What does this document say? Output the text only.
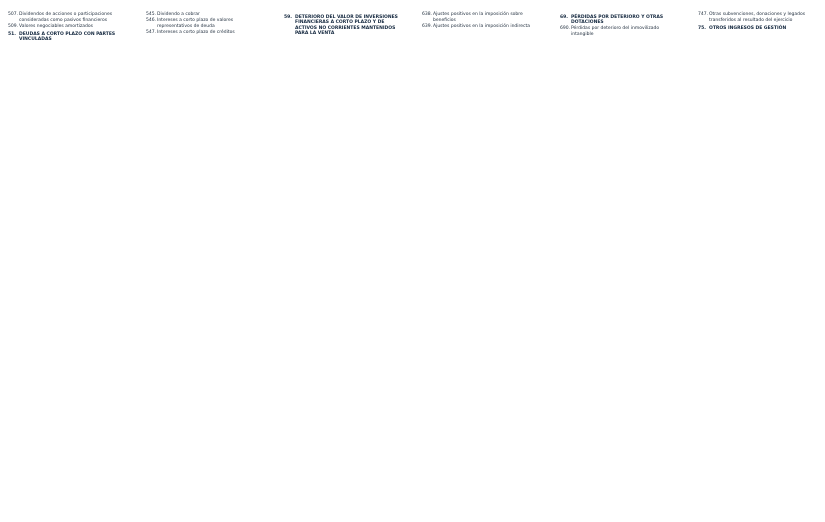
507. Dividendos de acciones o participaciones consideradas como pasivos financieros
509. Valores negociables amortizados
51. DEUDAS A CORTO PLAZO CON PARTES VINCULADAS
545. Dividendo a cobrar
546. Intereses a corto plazo de valores representativos de deuda
547. Intereses a corto plazo de créditos
59. DETERIORO DEL VALOR DE INVERSIONES FINANCIERAS A CORTO PLAZO Y DE ACTIVOS NO CORRIENTES MANTENIDOS PARA LA VENTA
638. Ajustes positivos en la imposición sobre beneficios
639. Ajustes positivos en la imposición indirecta
69. PÉRDIDAS POR DETERIORO Y OTRAS DOTACIONES
690. Pérdidas por deterioro del inmovilizado intangible
747. Otras subvenciones, donaciones y legados transferidos al resultado del ejercicio
75. OTROS INGRESOS DE GESTIÓN
